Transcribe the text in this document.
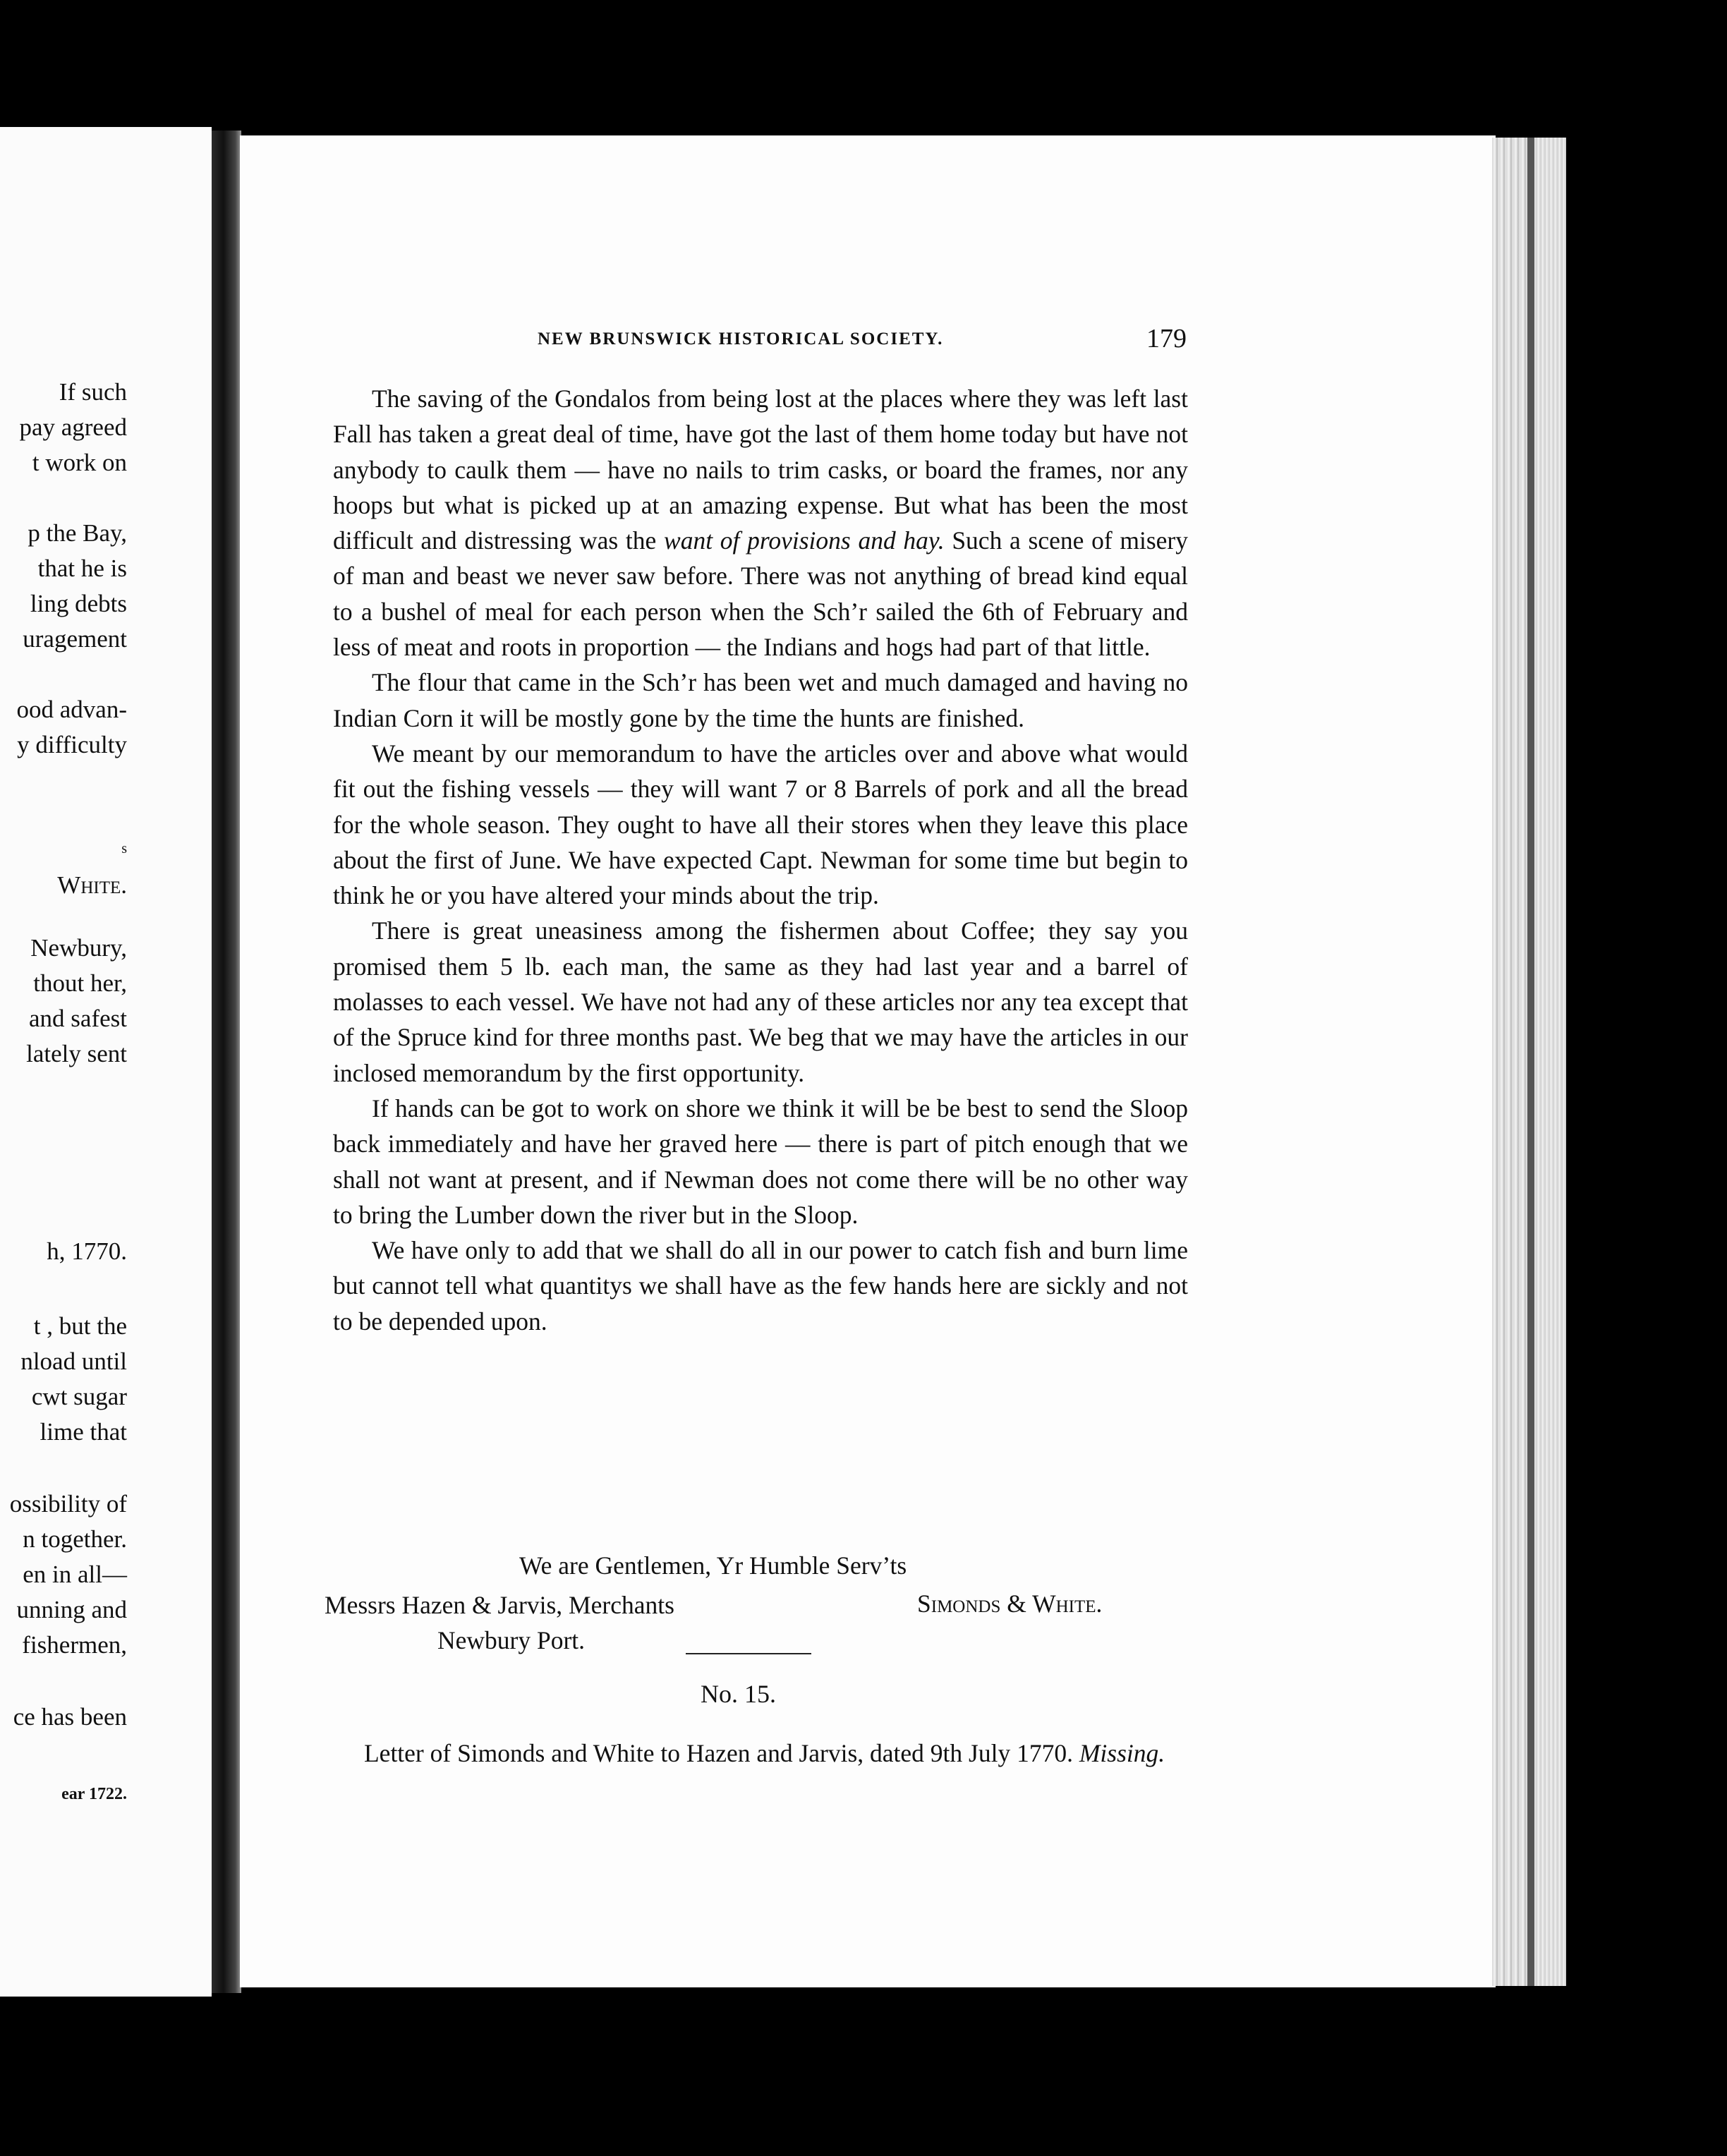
If such
pay agreed
t work on
p the Bay,
that he is
ling debts
uragement
ood advan-
y difficulty
s
White.
Newbury,
thout her,
and safest
lately sent
h, 1770.
t , but the
nload until
cwt sugar
lime that
ossibility of
n together.
en in all—
unning and
fishermen,
ce has been
ear 1722.
NEW BRUNSWICK HISTORICAL SOCIETY.	179

The saving of the Gondalos from being lost at the places where they was left last Fall has taken a great deal of time, have got the last of them home today but have not anybody to caulk them — have no nails to trim casks, or board the frames, nor any hoops but what is picked up at an amazing expense. But what has been the most difficult and distressing was the want of provisions and hay. Such a scene of misery of man and beast we never saw before. There was not anything of bread kind equal to a bushel of meal for each person when the Sch’r sailed the 6th of February and less of meat and roots in proportion — the Indians and hogs had part of that little.

The flour that came in the Sch’r has been wet and much damaged and having no Indian Corn it will be mostly gone by the time the hunts are finished.

We meant by our memorandum to have the articles over and above what would fit out the fishing vessels — they will want 7 or 8 Barrels of pork and all the bread for the whole season. They ought to have all their stores when they leave this place about the first of June. We have expected Capt. Newman for some time but begin to think he or you have altered your minds about the trip.

There is great uneasiness among the fishermen about Coffee; they say you promised them 5 lb. each man, the same as they had last year and a barrel of molasses to each vessel. We have not had any of these articles nor any tea except that of the Spruce kind for three months past. We beg that we may have the articles in our inclosed memorandum by the first opportunity.

If hands can be got to work on shore we think it will be be best to send the Sloop back immediately and have her graved here — there is part of pitch enough that we shall not want at present, and if Newman does not come there will be no other way to bring the Lumber down the river but in the Sloop.

We have only to add that we shall do all in our power to catch fish and burn lime but cannot tell what quantitys we shall have as the few hands here are sickly and not to be depended upon.

We are Gentlemen, Yr Humble Serv’ts
Messrs Hazen & Jarvis, Merchants
Newbury Port.
Simonds & White.
No. 15.
Letter of Simonds and White to Hazen and Jarvis, dated 9th July 1770. Missing.
